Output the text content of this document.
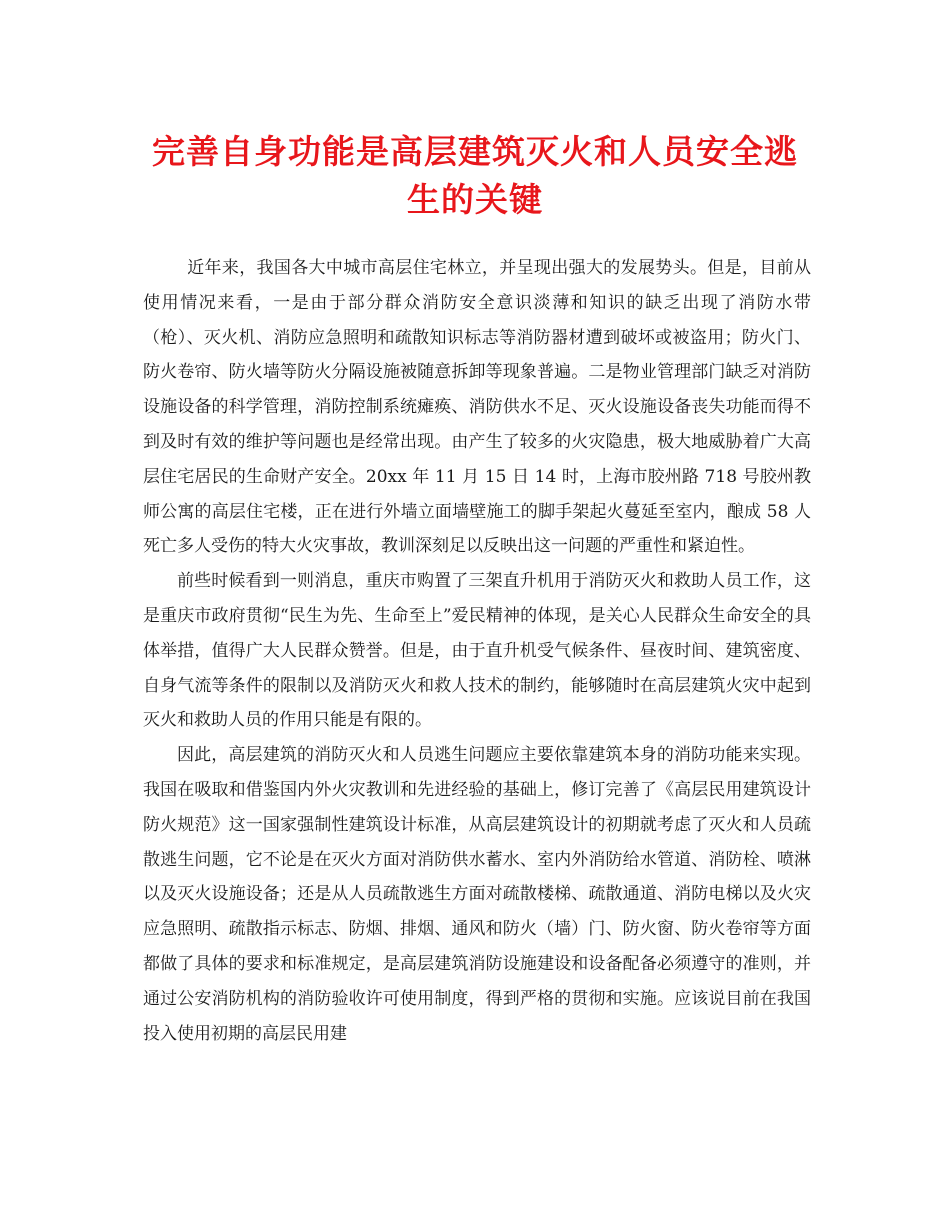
完善自身功能是高层建筑灭火和人员安全逃生的关键

近年来，我国各大中城市高层住宅林立，并呈现出强大的发展势头。但是，目前从使用情况来看，一是由于部分群众消防安全意识淡薄和知识的缺乏出现了消防水带（枪）、灭火机、消防应急照明和疏散知识标志等消防器材遭到破坏或被盗用；防火门、防火卷帘、防火墙等防火分隔设施被随意拆卸等现象普遍。二是物业管理部门缺乏对消防设施设备的科学管理，消防控制系统瘫痪、消防供水不足、灭火设施设备丧失功能而得不到及时有效的维护等问题也是经常出现。由产生了较多的火灾隐患，极大地威胁着广大高层住宅居民的生命财产安全。20xx 年 11 月 15 日 14 时，上海市胶州路 718 号胶州教师公寓的高层住宅楼，正在进行外墙立面墙壁施工的脚手架起火蔓延至室内，酿成 58 人死亡多人受伤的特大火灾事故，教训深刻足以反映出这一问题的严重性和紧迫性。

前些时候看到一则消息，重庆市购置了三架直升机用于消防灭火和救助人员工作，这是重庆市政府贯彻“民生为先、生命至上”爱民精神的体现，是关心人民群众生命安全的具体举措，值得广大人民群众赞誉。但是，由于直升机受气候条件、昼夜时间、建筑密度、自身气流等条件的限制以及消防灭火和救人技术的制约，能够随时在高层建筑火灾中起到灭火和救助人员的作用只能是有限的。

因此，高层建筑的消防灭火和人员逃生问题应主要依靠建筑本身的消防功能来实现。我国在吸取和借鉴国内外火灾教训和先进经验的基础上，修订完善了《高层民用建筑设计防火规范》这一国家强制性建筑设计标准，从高层建筑设计的初期就考虑了灭火和人员疏散逃生问题，它不论是在灭火方面对消防供水蓄水、室内外消防给水管道、消防栓、喷淋以及灭火设施设备；还是从人员疏散逃生方面对疏散楼梯、疏散通道、消防电梯以及火灾应急照明、疏散指示标志、防烟、排烟、通风和防火（墙）门、防火窗、防火卷帘等方面都做了具体的要求和标准规定，是高层建筑消防设施建设和设备配备必须遵守的准则，并通过公安消防机构的消防验收许可使用制度，得到严格的贯彻和实施。应该说目前在我国投入使用初期的高层民用建
